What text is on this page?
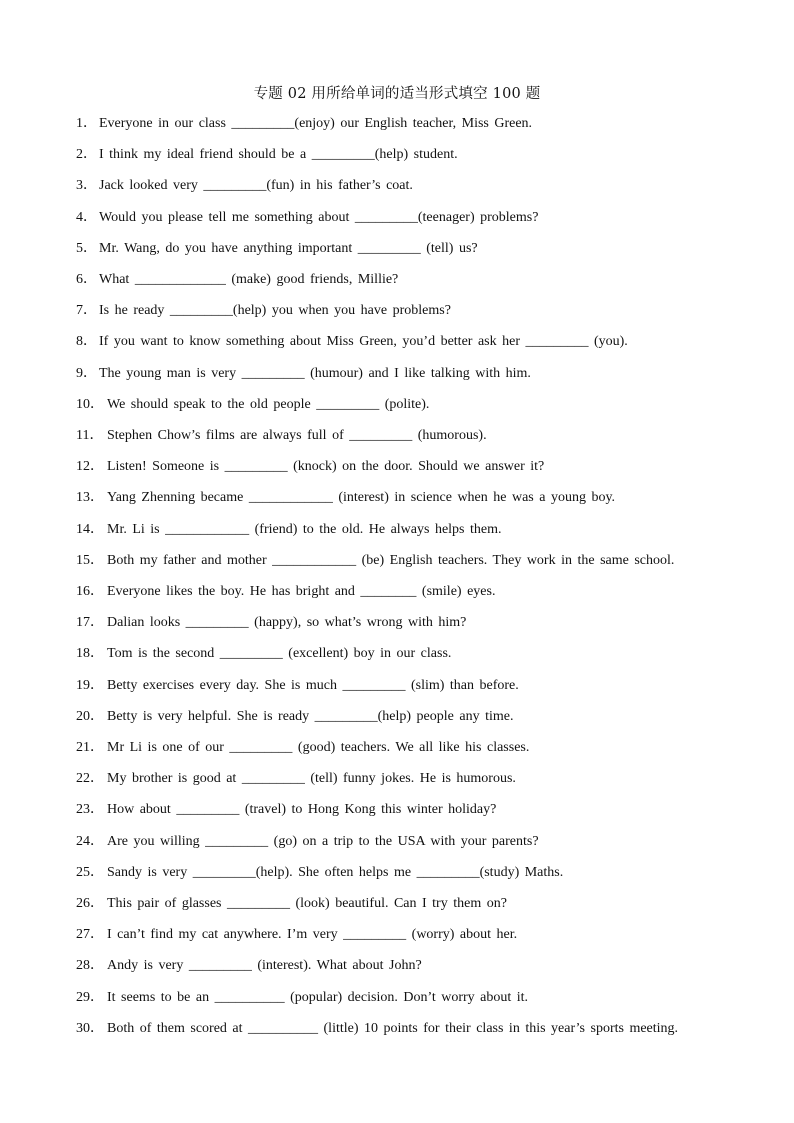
专题 02 用所给单词的适当形式填空 100 题
1． Everyone in our class _________(enjoy) our English teacher, Miss Green.
2． I think my ideal friend should be a _________(help) student.
3． Jack looked very _________(fun) in his father’s coat.
4． Would you please tell me something about _________(teenager) problems?
5． Mr. Wang, do you have anything important _________ (tell) us?
6． What _____________ (make) good friends, Millie?
7． Is he ready _________(help) you when you have problems?
8． If you want to know something about Miss Green, you’d better ask her _________ (you).
9． The young man is very _________ (humour) and I like talking with him.
10． We should speak to the old people _________ (polite).
11． Stephen Chow’s films are always full of _________ (humorous).
12． Listen! Someone is _________ (knock) on the door. Should we answer it?
13． Yang Zhenning became ____________ (interest) in science when he was a young boy.
14． Mr. Li is ____________ (friend) to the old. He always helps them.
15． Both my father and mother ____________ (be) English teachers. They work in the same school.
16． Everyone likes the boy. He has bright and ________ (smile) eyes.
17． Dalian looks _________ (happy), so what’s wrong with him?
18． Tom is the second _________ (excellent) boy in our class.
19． Betty exercises every day. She is much _________ (slim) than before.
20． Betty is very helpful. She is ready _________(help) people any time.
21． Mr Li is one of our _________ (good) teachers. We all like his classes.
22． My brother is good at _________ (tell) funny jokes. He is humorous.
23． How about _________ (travel) to Hong Kong this winter holiday?
24． Are you willing _________ (go) on a trip to the USA with your parents?
25． Sandy is very _________(help). She often helps me _________(study) Maths.
26． This pair of glasses _________ (look) beautiful. Can I try them on?
27． I can’t find my cat anywhere. I’m very _________ (worry) about her.
28． Andy is very _________ (interest). What about John?
29． It seems to be an __________ (popular) decision. Don’t worry about it.
30． Both of them scored at __________ (little) 10 points for their class in this year’s sports meeting.
